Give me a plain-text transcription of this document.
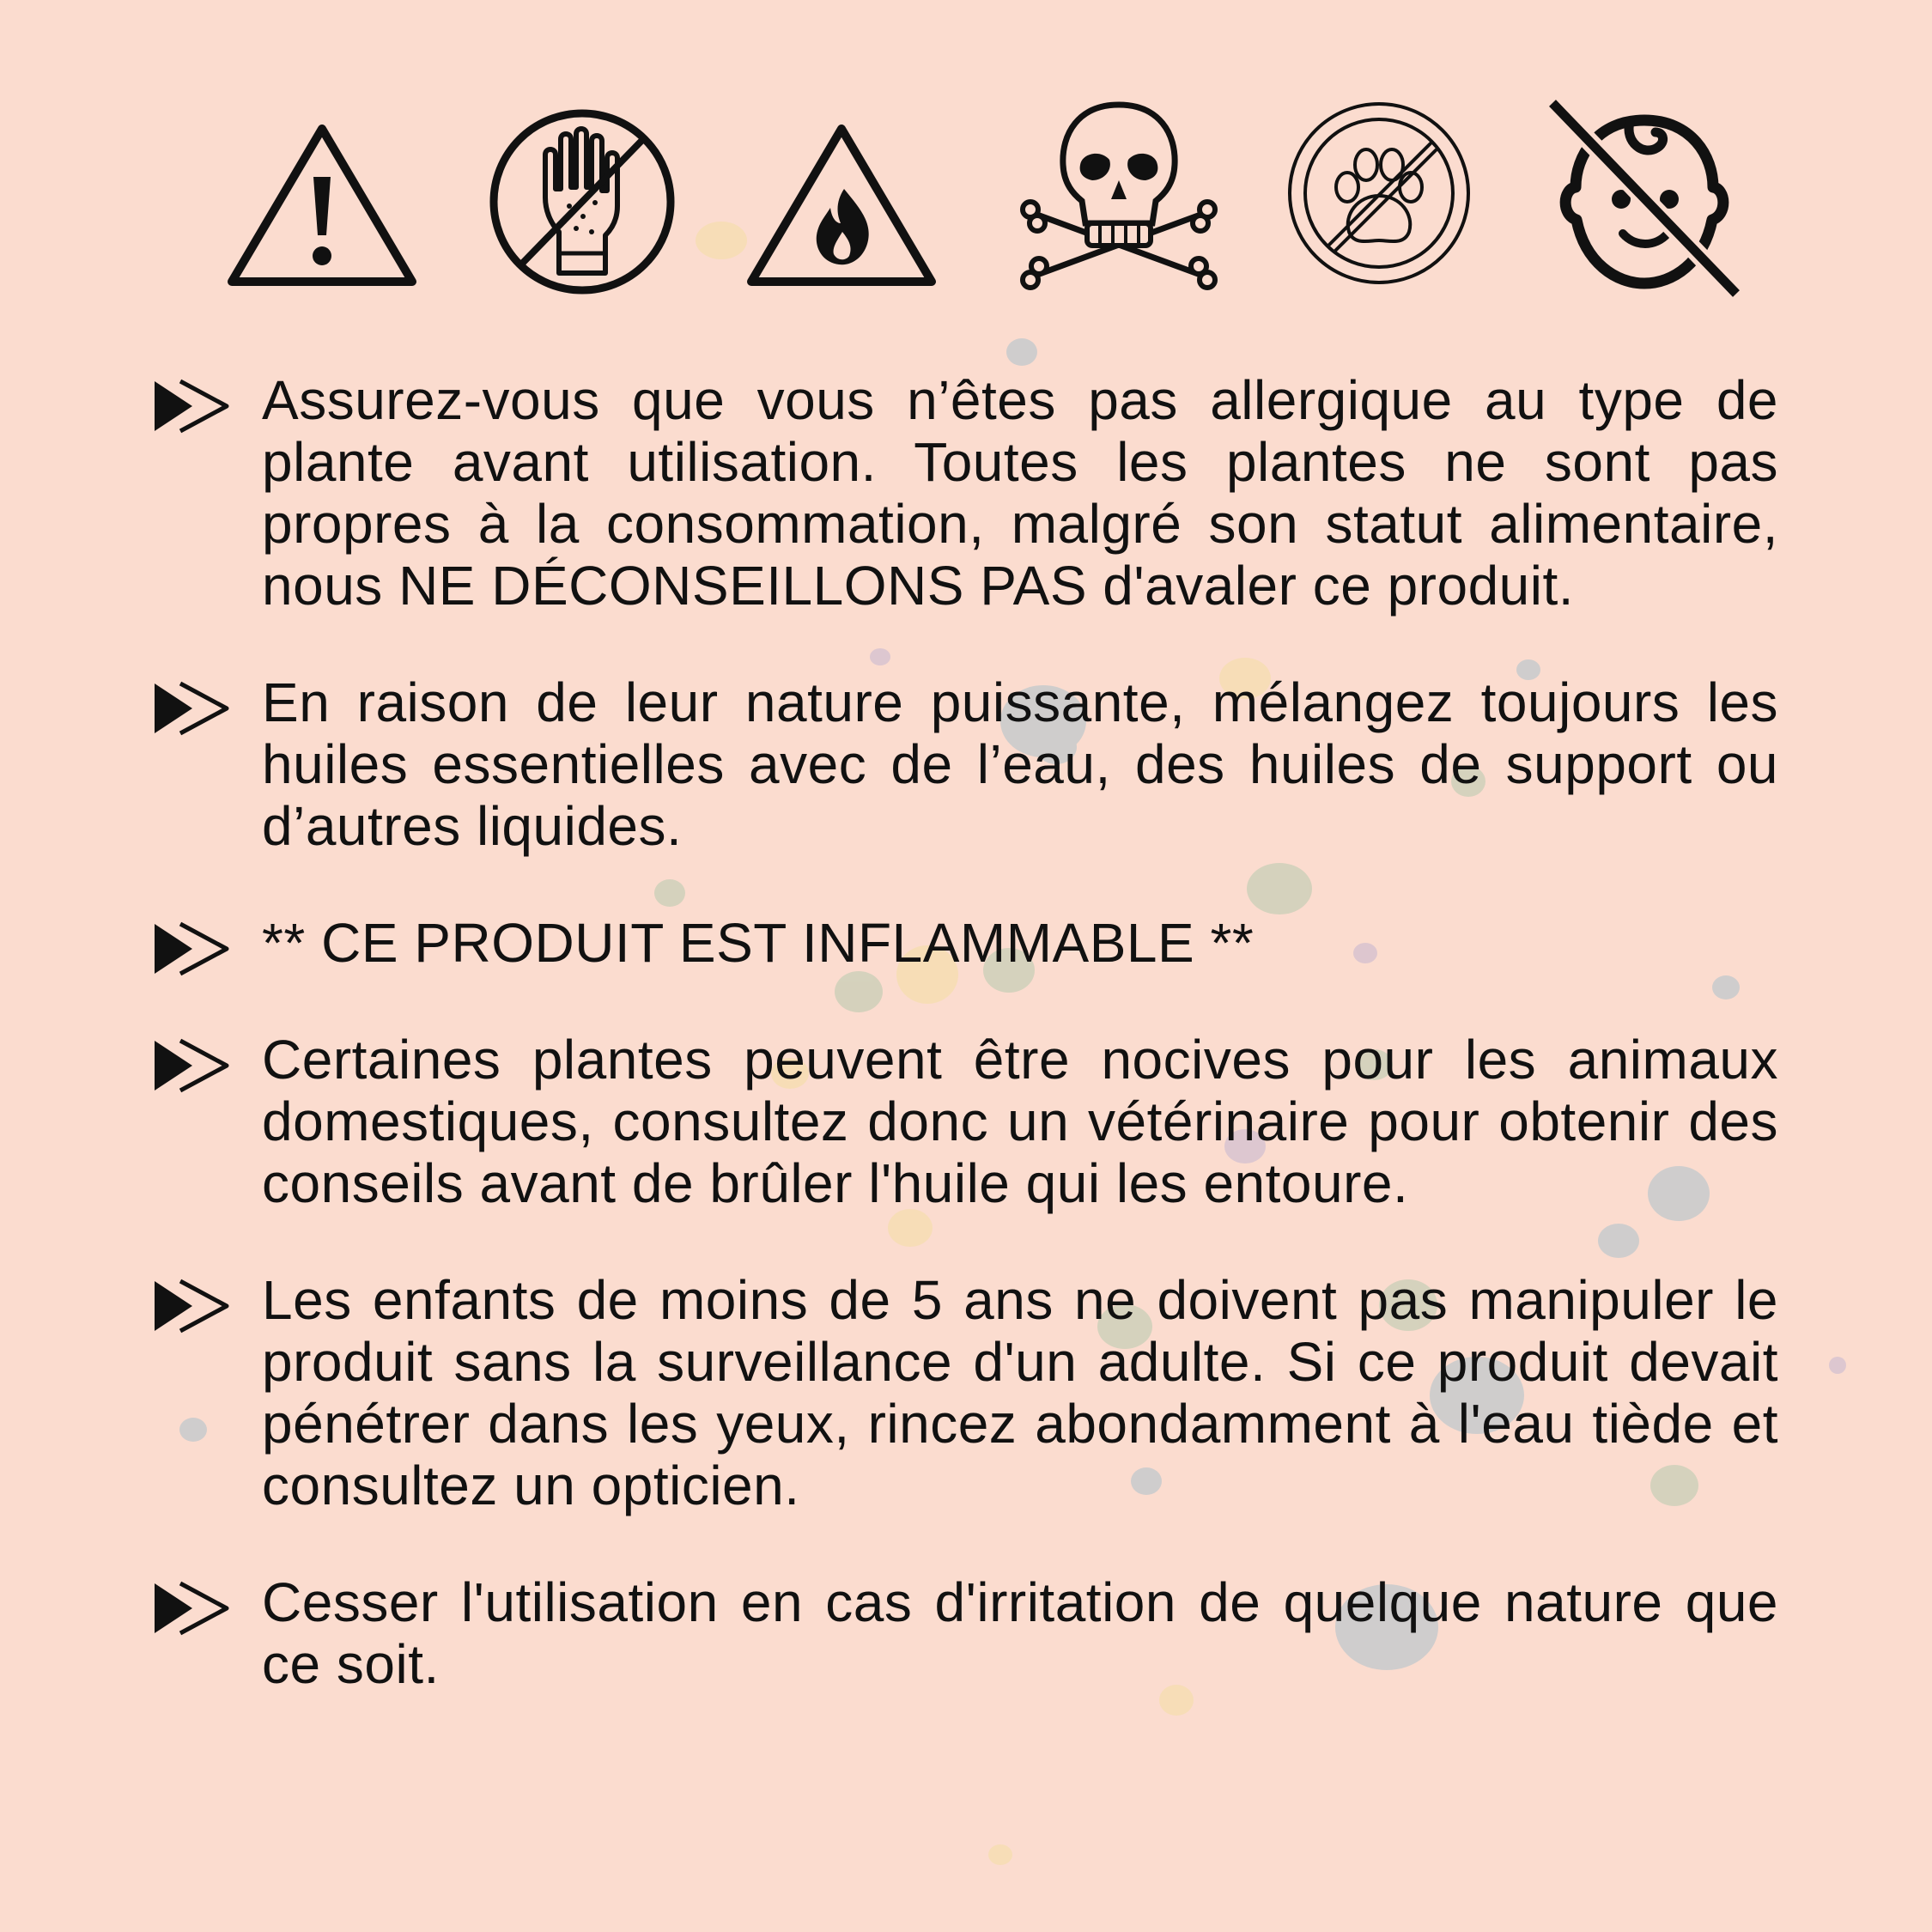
Assurez-vous que vous n’êtes pas allergique au type de plante avant utilisation. Toutes les plantes ne sont pas propres à la consommation, malgré son statut alimentaire, nous NE DÉCONSEILLONS PAS d'avaler ce produit.

En raison de leur nature puissante, mélangez toujours les huiles essentielles avec de l’eau, des huiles de support ou d’autres liquides.

** CE PRODUIT EST INFLAMMABLE **

Certaines plantes peuvent être nocives pour les animaux domestiques, consultez donc un vétérinaire pour obtenir des conseils avant de brûler l'huile qui les entoure.

Les enfants de moins de 5 ans ne doivent pas manipuler le produit sans la surveillance d'un adulte. Si ce produit devait pénétrer dans les yeux, rincez abondamment à l'eau tiède et consultez un opticien.

Cesser l'utilisation en cas d'irritation de quelque nature que ce soit.
